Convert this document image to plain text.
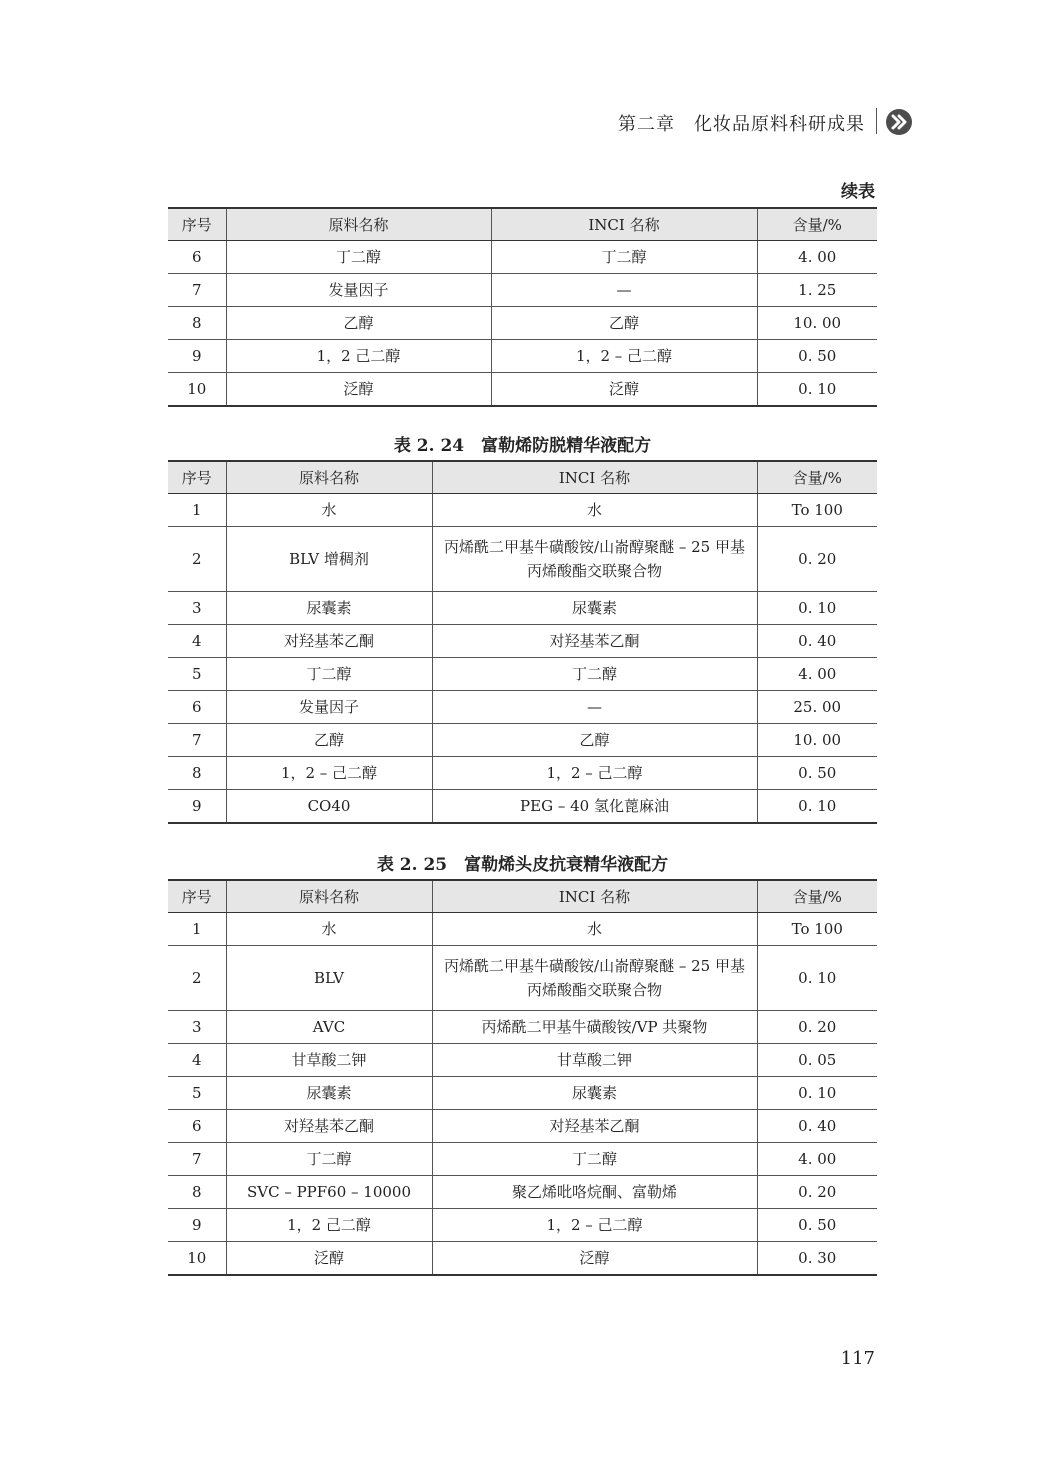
第二章　化妆品原料科研成果
续表
序号	原料名称	INCI 名称	含量/%
6	丁二醇	丁二醇	4. 00
7	发量因子	—	1. 25
8	乙醇	乙醇	10. 00
9	1，2 己二醇	1，2 – 己二醇	0. 50
10	泛醇	泛醇	0. 10
表 2. 24　富勒烯防脱精华液配方
序号	原料名称	INCI 名称	含量/%
1	水	水	To 100
2	BLV 增稠剂	丙烯酰二甲基牛磺酸铵/山嵛醇聚醚 – 25 甲基丙烯酸酯交联聚合物	0. 20
3	尿囊素	尿囊素	0. 10
4	对羟基苯乙酮	对羟基苯乙酮	0. 40
5	丁二醇	丁二醇	4. 00
6	发量因子	—	25. 00
7	乙醇	乙醇	10. 00
8	1，2 – 己二醇	1，2 – 己二醇	0. 50
9	CO40	PEG – 40 氢化蓖麻油	0. 10
表 2. 25　富勒烯头皮抗衰精华液配方
序号	原料名称	INCI 名称	含量/%
1	水	水	To 100
2	BLV	丙烯酰二甲基牛磺酸铵/山嵛醇聚醚 – 25 甲基丙烯酸酯交联聚合物	0. 10
3	AVC	丙烯酰二甲基牛磺酸铵/VP 共聚物	0. 20
4	甘草酸二钾	甘草酸二钾	0. 05
5	尿囊素	尿囊素	0. 10
6	对羟基苯乙酮	对羟基苯乙酮	0. 40
7	丁二醇	丁二醇	4. 00
8	SVC – PPF60 – 10000	聚乙烯吡咯烷酮、富勒烯	0. 20
9	1，2 己二醇	1，2 – 己二醇	0. 50
10	泛醇	泛醇	0. 30
117
